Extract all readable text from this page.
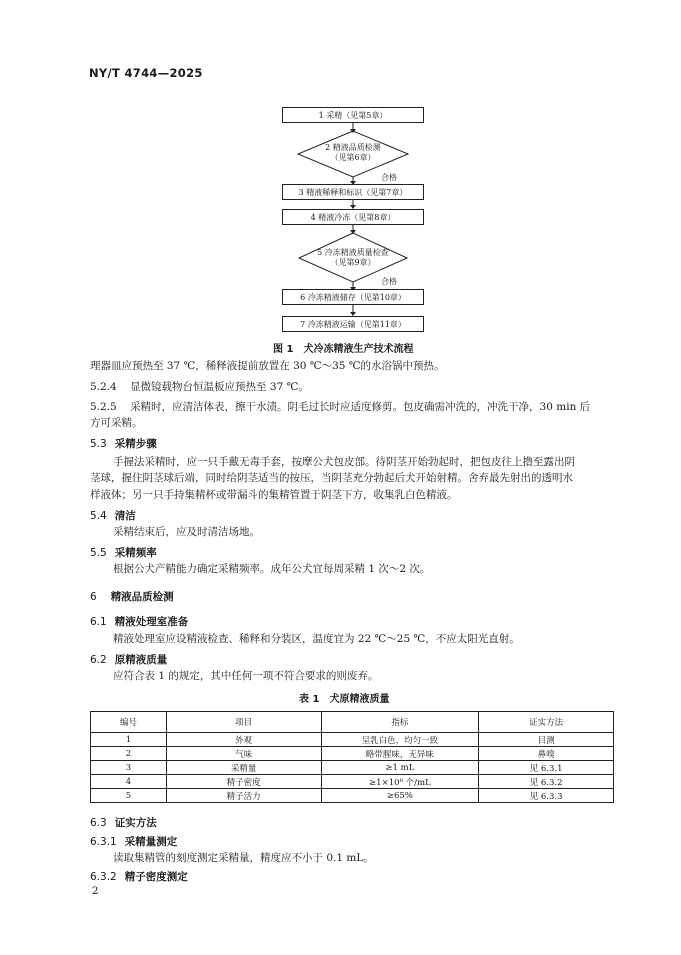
NY/T 4744—2025
1 采精（见第5章）
2 精液品质检测
（见第6章）
合格
3 精液稀释和标识（见第7章）
4 精液冷冻（见第8章）
5 冷冻精液质量检查
（见第9章）
合格
6 冷冻精液储存（见第10章）
7 冷冻精液运输（见第11章）
图 1　犬冷冻精液生产技术流程
理器皿应预热至 37 ℃，稀释液提前放置在 30 ℃～35 ℃的水浴锅中预热。
5.2.4 显微镜载物台恒温板应预热至 37 ℃。
5.2.5 采精时，应清洁体表，擦干水渍。阴毛过长时应适度修剪。包皮确需冲洗的，冲洗干净，30 min 后
方可采精。
5.3 采精步骤
手握法采精时，应一只手戴无毒手套，按摩公犬包皮部。待阴茎开始勃起时，把包皮往上撸至露出阴
茎球，握住阴茎球后端，同时给阴茎适当的按压，当阴茎充分勃起后犬开始射精。舍弃最先射出的透明水
样液体；另一只手持集精杯或带漏斗的集精管置于阴茎下方，收集乳白色精液。
5.4 清洁
采精结束后，应及时清洁场地。
5.5 采精频率
根据公犬产精能力确定采精频率。成年公犬宜每周采精 1 次～2 次。
6 精液品质检测
6.1 精液处理室准备
精液处理室应设精液检查、稀释和分装区，温度宜为 22 ℃～25 ℃，不应太阳光直射。
6.2 原精液质量
应符合表 1 的规定，其中任何一项不符合要求的则废弃。
表 1　犬原精液质量
编号	项目	指标	证实方法
1	外观	呈乳白色，均匀一致	目测
2	气味	略带腥味，无异味	鼻嗅
3	采精量	≥1 mL	见 6.3.1
4	精子密度	≥1×10⁸ 个/mL	见 6.3.2
5	精子活力	≥65%	见 6.3.3
6.3 证实方法
6.3.1 采精量测定
读取集精管的刻度测定采精量，精度应不小于 0.1 mL。
6.3.2 精子密度测定
2
